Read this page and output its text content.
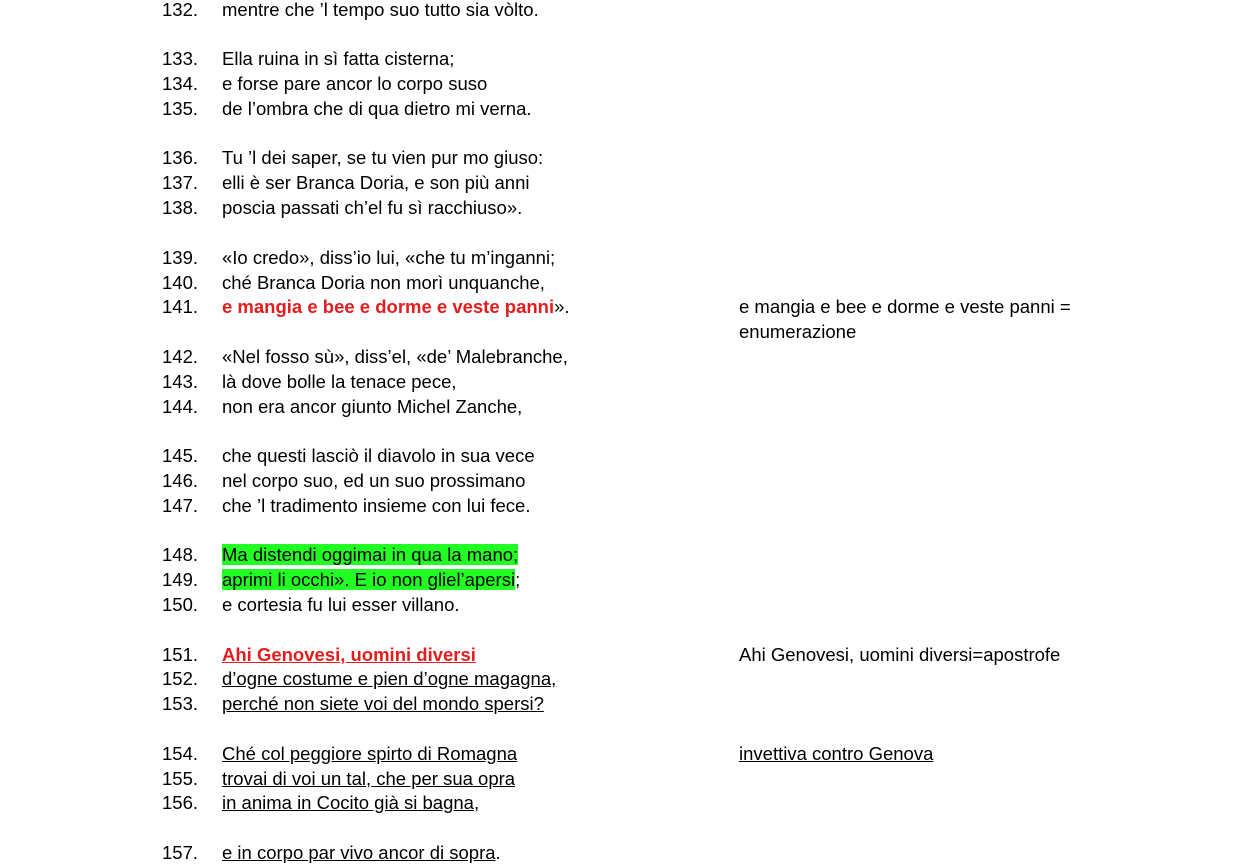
132. mentre che ’l tempo suo tutto sia vòlto.
133. Ella ruina in sì fatta cisterna;
134. e forse pare ancor lo corpo suso
135. de l’ombra che di qua dietro mi verna.
136. Tu ’l dei saper, se tu vien pur mo giuso:
137. elli è ser Branca Doria, e son più anni
138. poscia passati ch’el fu sì racchiuso».
139. «Io credo», diss’io lui, «che tu m’inganni;
140. ché Branca Doria non morì unquanche,
141. e mangia e bee e dorme e veste panni».
142. «Nel fosso sù», diss’el, «de’ Malebranche,
143. là dove bolle la tenace pece,
144. non era ancor giunto Michel Zanche,
145. che questi lasciò il diavolo in sua vece
146. nel corpo suo, ed un suo prossimano
147. che ’l tradimento insieme con lui fece.
148. Ma distendi oggimai in qua la mano;
149. aprimi li occhi». E io non gliel’apersi;
150. e cortesia fu lui esser villano.
151. Ahi Genovesi, uomini diversi
152. d’ogne costume e pien d’ogne magagna,
153. perché non siete voi del mondo spersi?
154. Ché col peggiore spirto di Romagna
155. trovai di voi un tal, che per sua opra
156. in anima in Cocito già si bagna,
157. e in corpo par vivo ancor di sopra.
e mangia e bee e dorme e veste panni =
enumerazione
Ahi Genovesi, uomini diversi=apostrofe
invettiva contro Genova
